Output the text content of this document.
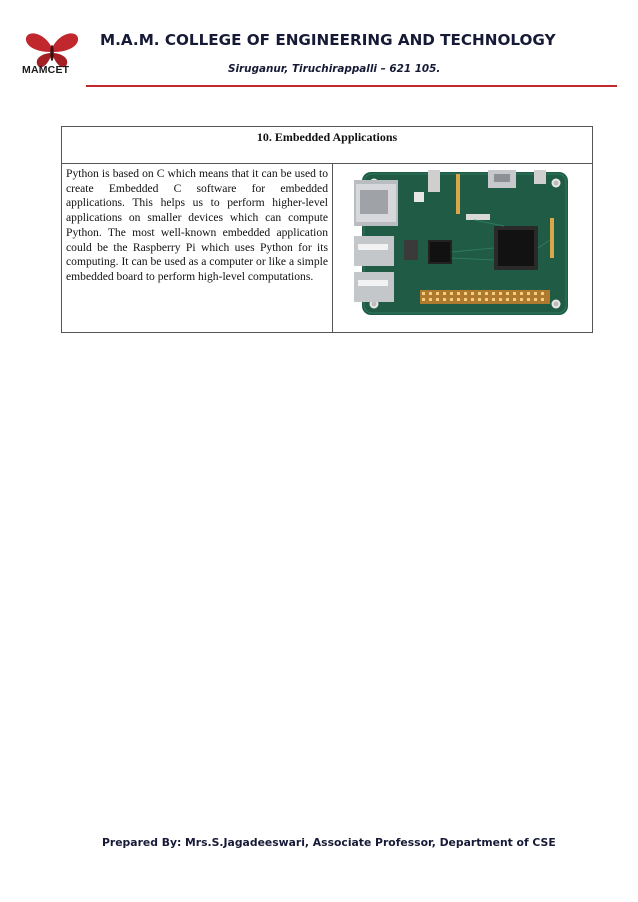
MAMCET
M.A.M. COLLEGE OF ENGINEERING AND TECHNOLOGY
Siruganur, Tiruchirappalli – 621 105.
10. Embedded Applications
Python is based on C which means that it can be used to create Embedded C software for embedded applications. This helps us to perform higher-level applications on smaller devices which can compute Python. The most well-known embedded application could be the Raspberry Pi which uses Python for its computing. It can be used as a computer or like a simple embedded board to perform high-level computations.	
Prepared By: Mrs.S.Jagadeeswari, Associate Professor, Department of CSE
